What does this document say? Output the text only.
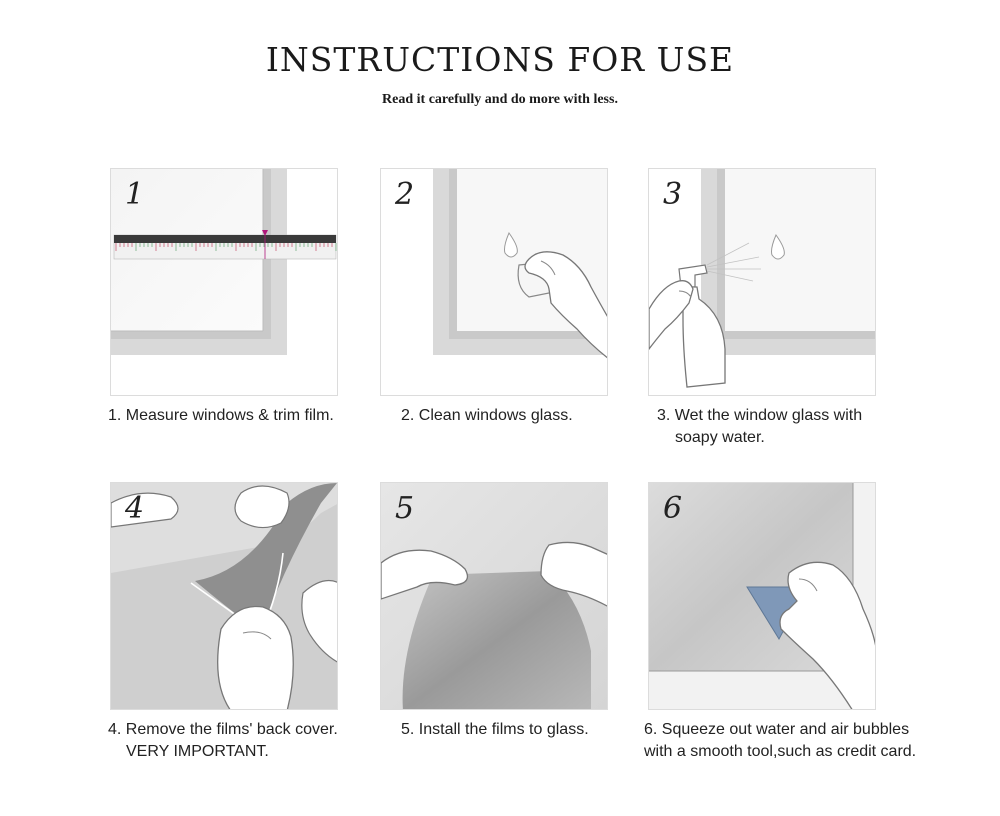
INSTRUCTIONS FOR USE
Read it carefully and do more with less.
1
1. Measure windows & trim film.
2
2. Clean windows glass.
3
3. Wet the window glass with
soapy water.
4
4. Remove the films' back cover.
VERY IMPORTANT.
5
5. Install the films to glass.
6
6. Squeeze out water and air bubbles
with a smooth tool,such as credit card.
